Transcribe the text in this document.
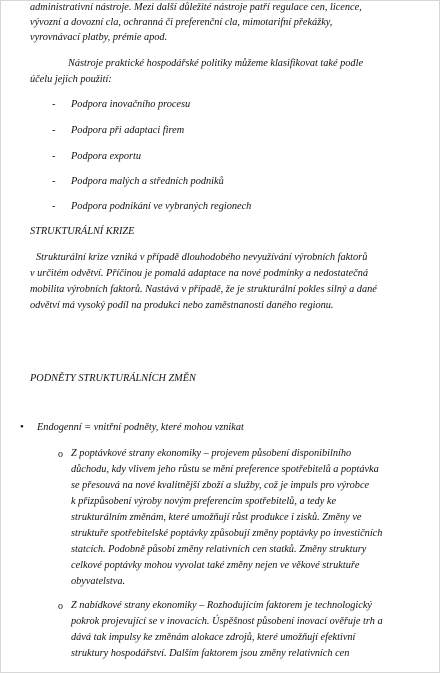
administrativní nástroje. Mezi další důležité nástroje patří regulace cen, licence,
vývozní a dovozní cla, ochranná či preferenční cla, mimotarifní překážky,
vyrovnávací platby, prémie apod.
Nástroje praktické hospodářské politiky můžeme klasifikovat také podle
účelu jejich použití:
- Podpora inovačního procesu
- Podpora při adaptaci firem
- Podpora exportu
- Podpora malých a středních podniků
- Podpora podnikání ve vybraných regionech
STRUKTURÁLNÍ KRIZE
Strukturální krize vzniká v případě dlouhodobého nevyužívání výrobních faktorů
v určitém odvětví. Příčinou je pomalá adaptace na nové podmínky a nedostatečná
mobilita výrobních faktorů. Nastává v případě, že je strukturální pokles silný a dané
odvětví má vysoký podíl na produkci nebo zaměstnanosti daného regionu.
PODNĚTY STRUKTURÁLNÍCH ZMĚN
• Endogenní = vnitřní podněty, které mohou vznikat
o Z poptávkové strany ekonomiky – projevem působení disponibilního
důchodu, kdy vlivem jeho růstu se mění preference spotřebitelů a poptávka
se přesouvá na nové kvalitnější zboží a služby, což je impuls pro výrobce
k přizpůsobení výroby novým preferencím spotřebitelů, a tedy ke
strukturálním změnám, které umožňují růst produkce i zisků. Změny ve
struktuře spotřebitelské poptávky způsobují změny poptávky po investičních
statcích. Podobně působí změny relativních cen statků. Změny struktury
celkové poptávky mohou vyvolat také změny nejen ve věkové struktuře
obyvatelstva.
o Z nabídkové strany ekonomiky – Rozhodujícím faktorem je technologický
pokrok projevující se v inovacích. Úspěšnost působení inovací ověřuje trh a
dává tak impulsy ke změnám alokace zdrojů, které umožňují efektivní
struktury hospodářství. Dalším faktorem jsou změny relativních cen
